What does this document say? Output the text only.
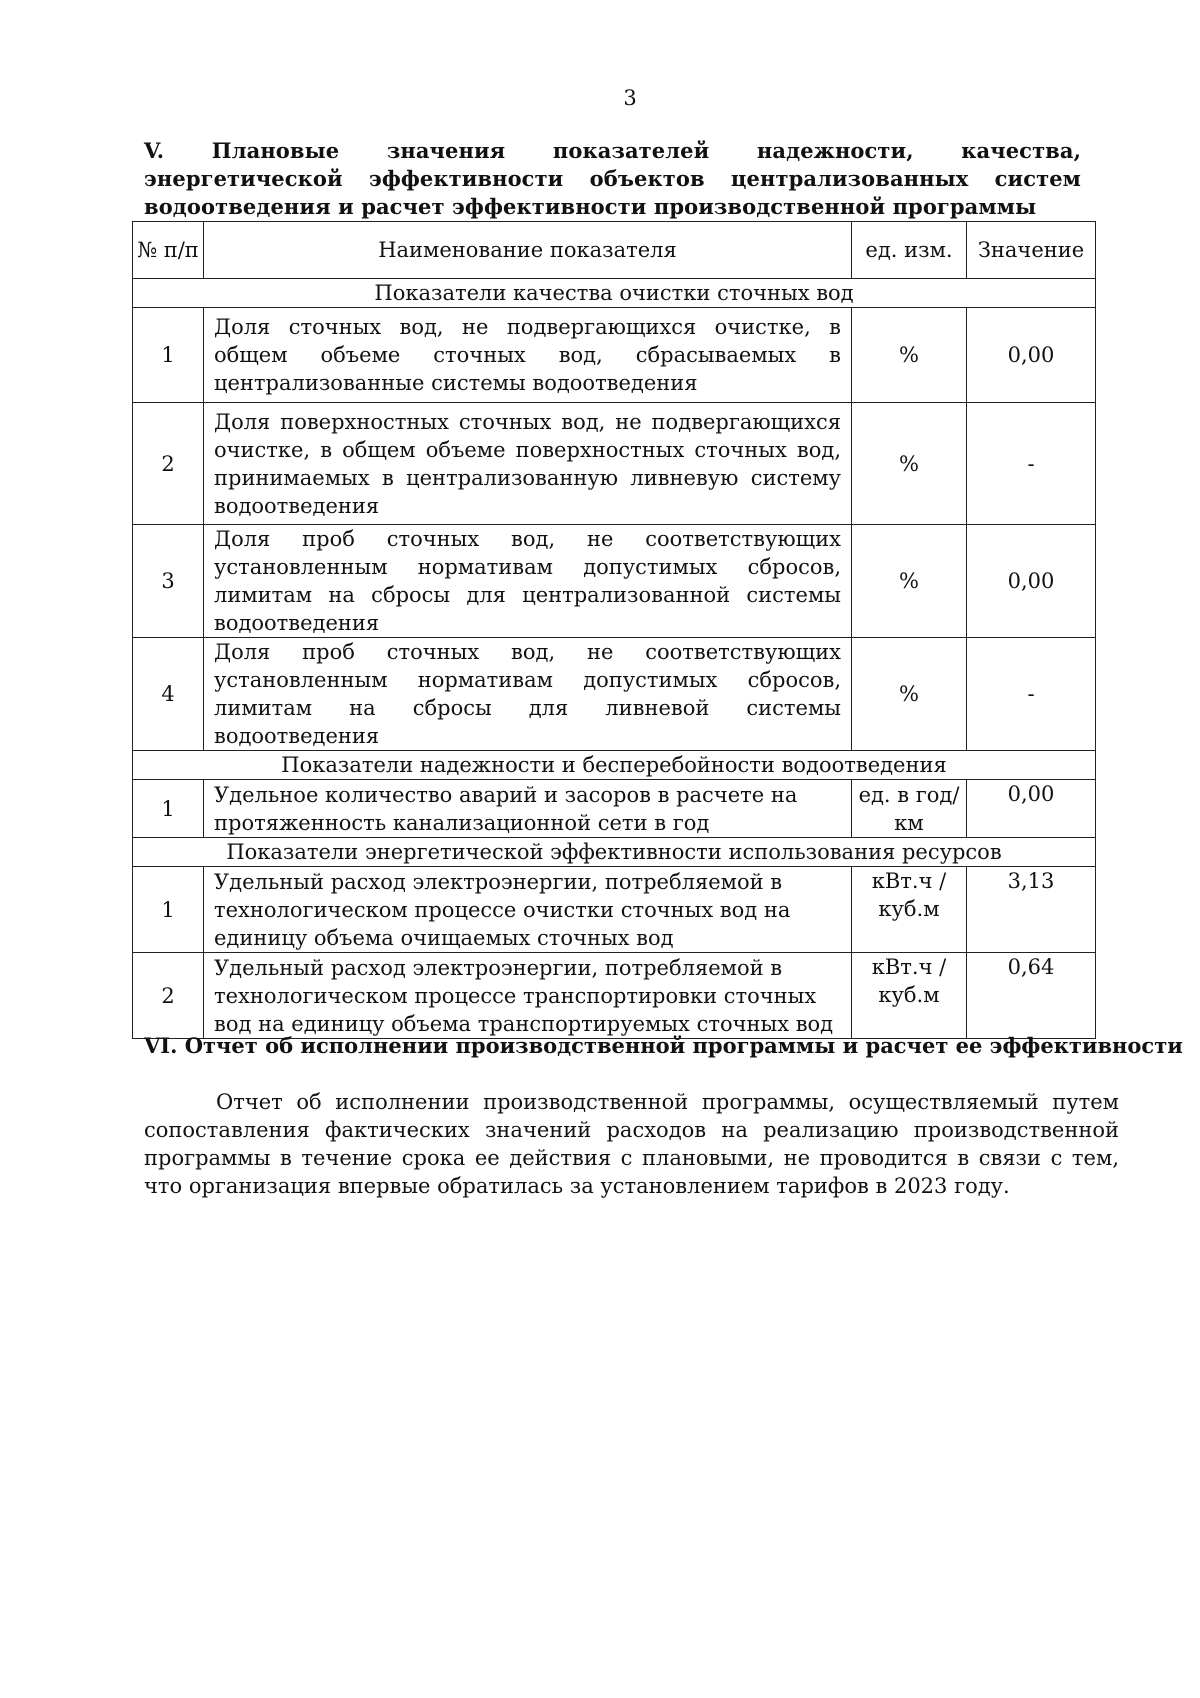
3
V. Плановые значения показателей надежности, качества, энергетической эффективности объектов централизованных систем водоотведения и расчет эффективности производственной программы
№ п/п	Наименование показателя	ед. изм.	Значение
Показатели качества очистки сточных вод			
1	Доля сточных вод, не подвергающихся очистке, в общем объеме сточных вод, сбрасываемых в централизованные системы водоотведения	%	0,00
2	Доля поверхностных сточных вод, не подвергающихся очистке, в общем объеме поверхностных сточных вод, принимаемых в централизованную ливневую систему водоотведения	%	-
3	Доля проб сточных вод, не соответствующих установленным нормативам допустимых сбросов, лимитам на сбросы для централизованной системы водоотведения	%	0,00
4	Доля проб сточных вод, не соответствующих установленным нормативам допустимых сбросов, лимитам на сбросы для ливневой системы водоотведения	%	-
Показатели надежности и бесперебойности водоотведения			
1	Удельное количество аварий и засоров в расчете на протяженность канализационной сети в год	ед. в год/ км	0,00
Показатели энергетической эффективности использования ресурсов			
1	Удельный расход электроэнергии, потребляемой в технологическом процессе очистки сточных вод на единицу объема очищаемых сточных вод	кВт.ч / куб.м	3,13
2	Удельный расход электроэнергии, потребляемой в технологическом процессе транспортировки сточных вод на единицу объема транспортируемых сточных вод	кВт.ч / куб.м	0,64
VI. Отчет об исполнении производственной программы и расчет ее эффективности

Отчет об исполнении производственной программы, осуществляемый путем сопоставления фактических значений расходов на реализацию производственной программы в течение срока ее действия с плановыми, не проводится в связи с тем, что организация впервые обратилась за установлением тарифов в 2023 году.
